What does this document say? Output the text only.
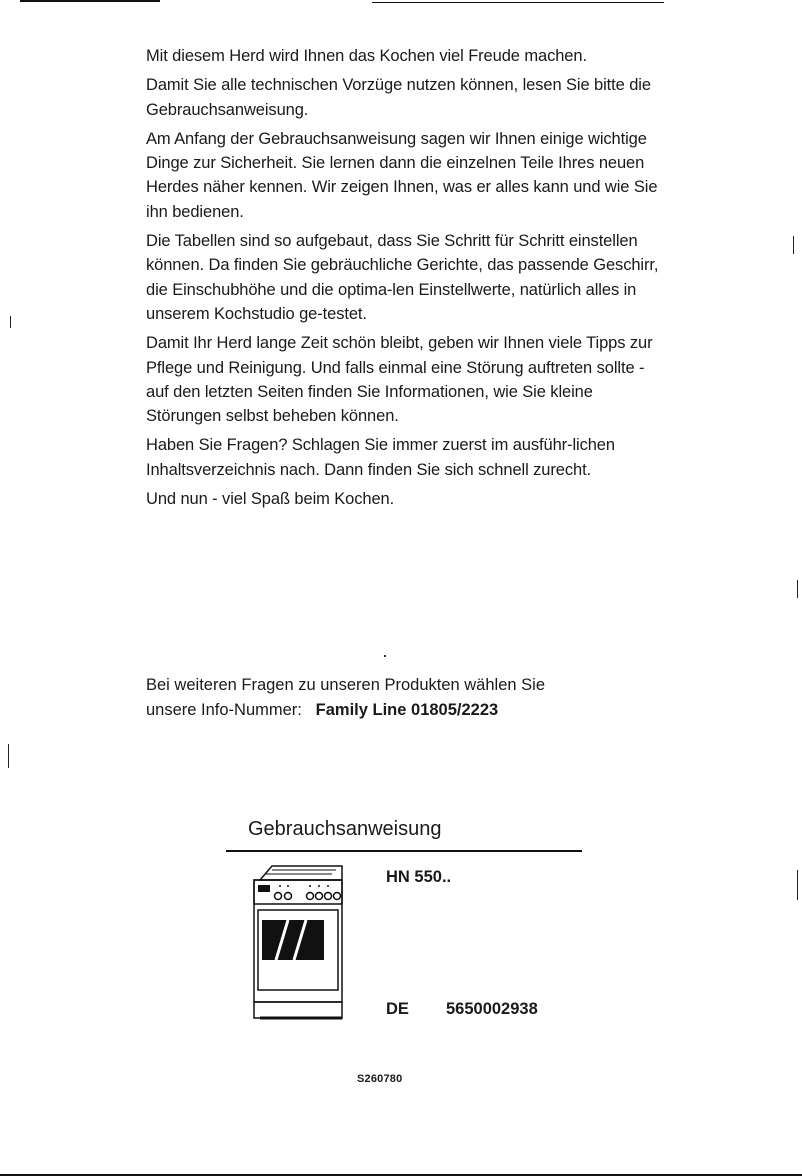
Mit diesem Herd wird Ihnen das Kochen viel Freude machen.

Damit Sie alle technischen Vorzüge nutzen können, lesen Sie bitte die Gebrauchsanweisung.

Am Anfang der Gebrauchsanweisung sagen wir Ihnen einige wichtige Dinge zur Sicherheit. Sie lernen dann die einzelnen Teile Ihres neuen Herdes näher kennen. Wir zeigen Ihnen, was er alles kann und wie Sie ihn bedienen.

Die Tabellen sind so aufgebaut, dass Sie Schritt für Schritt einstellen können. Da finden Sie gebräuchliche Gerichte, das passende Geschirr, die Einschubhöhe und die optima-len Einstellwerte, natürlich alles in unserem Kochstudio ge-testet.

Damit Ihr Herd lange Zeit schön bleibt, geben wir Ihnen viele Tipps zur Pflege und Reinigung. Und falls einmal eine Störung auftreten sollte - auf den letzten Seiten finden Sie Informationen, wie Sie kleine Störungen selbst beheben können.

Haben Sie Fragen? Schlagen Sie immer zuerst im ausführ-lichen Inhaltsverzeichnis nach. Dann finden Sie sich schnell zurecht.

Und nun - viel Spaß beim Kochen.

Bei weiteren Fragen zu unseren Produkten wählen Sie
unsere Info-Nummer: Family Line 01805/2223
Gebrauchsanweisung
HN 550..
DE 5650002938
S260780
